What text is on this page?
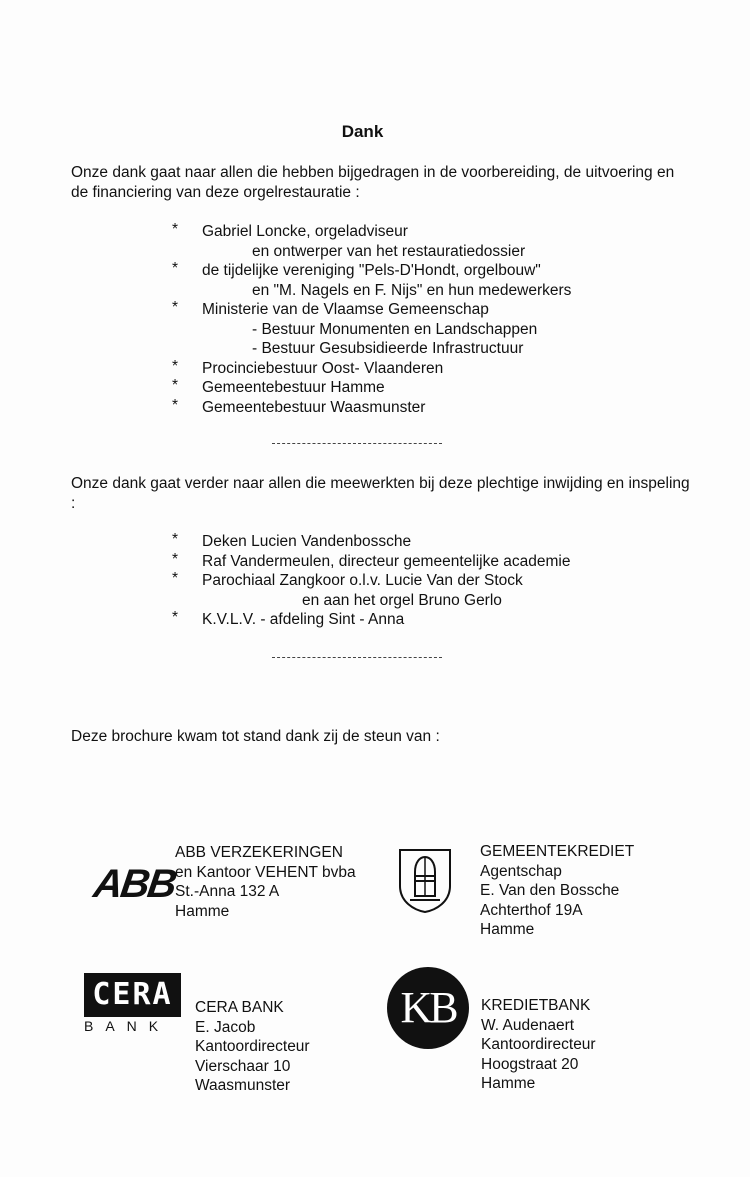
Dank
Onze dank gaat naar allen die hebben bijgedragen in de voorbereiding, de uitvoering en de financiering van deze orgelrestauratie :
* Gabriel Loncke, orgeladviseur
en ontwerper van het restauratiedossier
* de tijdelijke vereniging "Pels-D'Hondt, orgelbouw"
en "M. Nagels en F. Nijs" en hun medewerkers
* Ministerie van de Vlaamse Gemeenschap
- Bestuur Monumenten en Landschappen
- Bestuur Gesubsidieerde Infrastructuur
* Procinciebestuur Oost- Vlaanderen
* Gemeentebestuur Hamme
* Gemeentebestuur Waasmunster
Onze dank gaat verder naar allen die meewerkten bij deze plechtige inwijding en inspeling :
* Deken Lucien Vandenbossche
* Raf Vandermeulen, directeur gemeentelijke academie
* Parochiaal Zangkoor o.l.v. Lucie Van der Stock
en aan het orgel Bruno Gerlo
* K.V.L.V. - afdeling Sint - Anna
Deze brochure kwam tot stand dank zij de steun van :
ABB
ABB VERZEKERINGEN
en Kantoor VEHENT bvba
St.-Anna 132 A
Hamme
GEMEENTEKREDIET
Agentschap
E. Van den Bossche
Achterthof 19A
Hamme
CERA
BANK
CERA BANK
E. Jacob
Kantoordirecteur
Vierschaar 10
Waasmunster
KB	KREDIETBANK
W. Audenaert
Kantoordirecteur
Hoogstraat 20
Hamme
